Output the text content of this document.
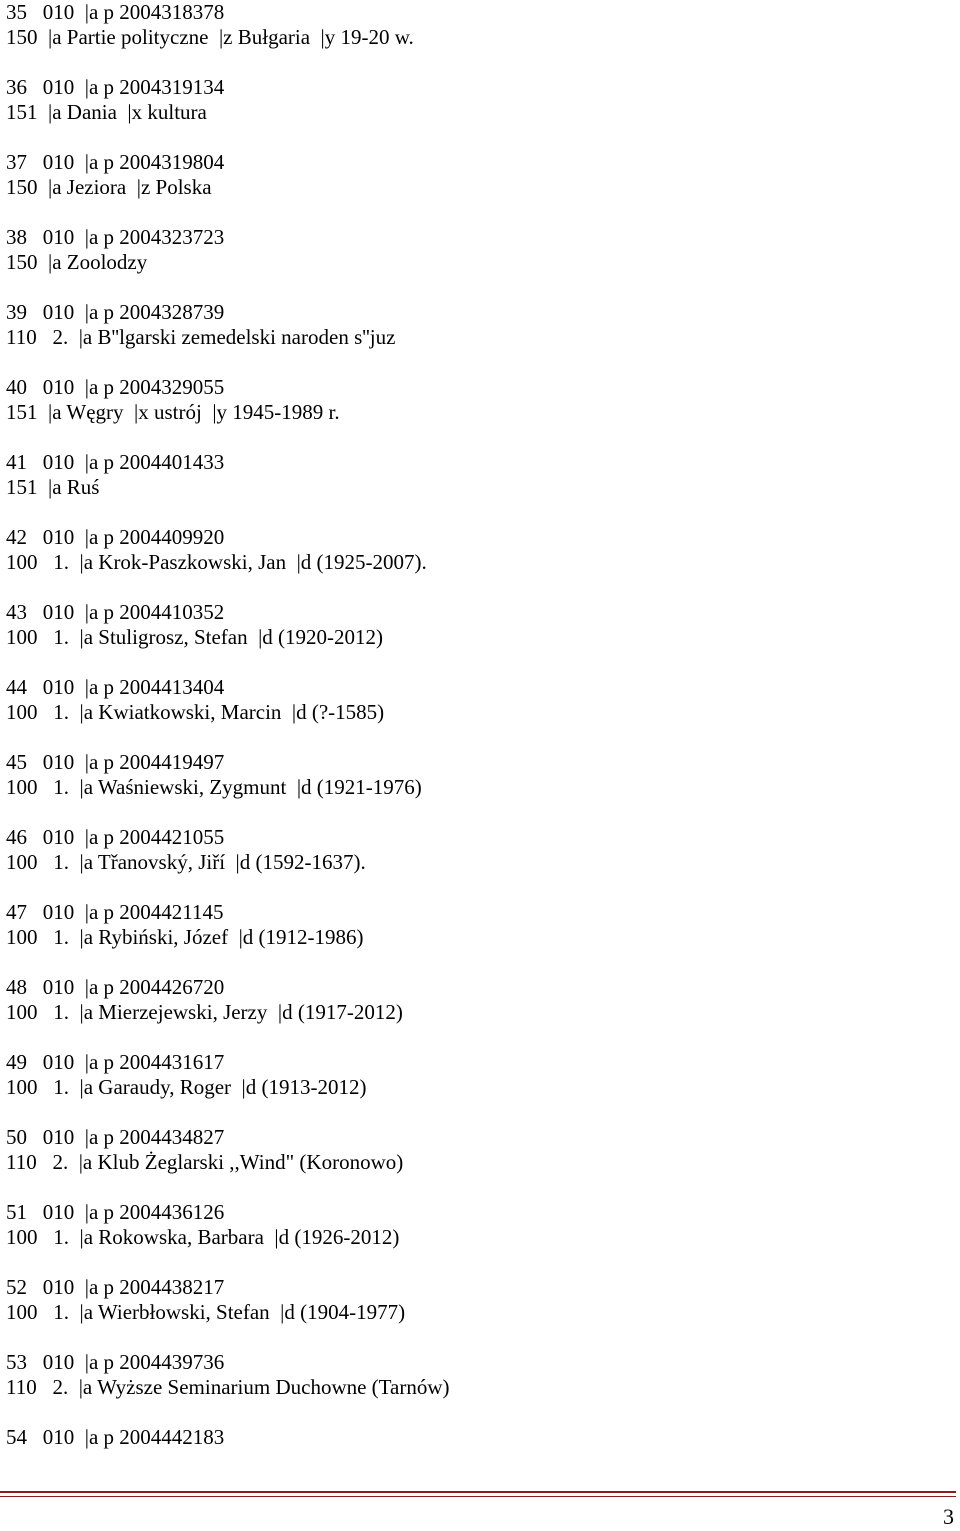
35   010  |a p 2004318378
150  |a Partie polityczne  |z Bułgaria  |y 19-20 w.
36   010  |a p 2004319134
151  |a Dania  |x kultura
37   010  |a p 2004319804
150  |a Jeziora  |z Polska
38   010  |a p 2004323723
150  |a Zoolodzy
39   010  |a p 2004328739
110   2.  |a B''lgarski zemedelski naroden s''juz
40   010  |a p 2004329055
151  |a Węgry  |x ustrój  |y 1945-1989 r.
41   010  |a p 2004401433
151  |a Ruś
42   010  |a p 2004409920
100   1.  |a Krok-Paszkowski, Jan  |d (1925-2007).
43   010  |a p 2004410352
100   1.  |a Stuligrosz, Stefan  |d (1920-2012)
44   010  |a p 2004413404
100   1.  |a Kwiatkowski, Marcin  |d (?-1585)
45   010  |a p 2004419497
100   1.  |a Waśniewski, Zygmunt  |d (1921-1976)
46   010  |a p 2004421055
100   1.  |a Třanovský, Jiří  |d (1592-1637).
47   010  |a p 2004421145
100   1.  |a Rybiński, Józef  |d (1912-1986)
48   010  |a p 2004426720
100   1.  |a Mierzejewski, Jerzy  |d (1917-2012)
49   010  |a p 2004431617
100   1.  |a Garaudy, Roger  |d (1913-2012)
50   010  |a p 2004434827
110   2.  |a Klub Żeglarski ,,Wind" (Koronowo)
51   010  |a p 2004436126
100   1.  |a Rokowska, Barbara  |d (1926-2012)
52   010  |a p 2004438217
100   1.  |a Wierbłowski, Stefan  |d (1904-1977)
53   010  |a p 2004439736
110   2.  |a Wyższe Seminarium Duchowne (Tarnów)
54   010  |a p 2004442183
3
